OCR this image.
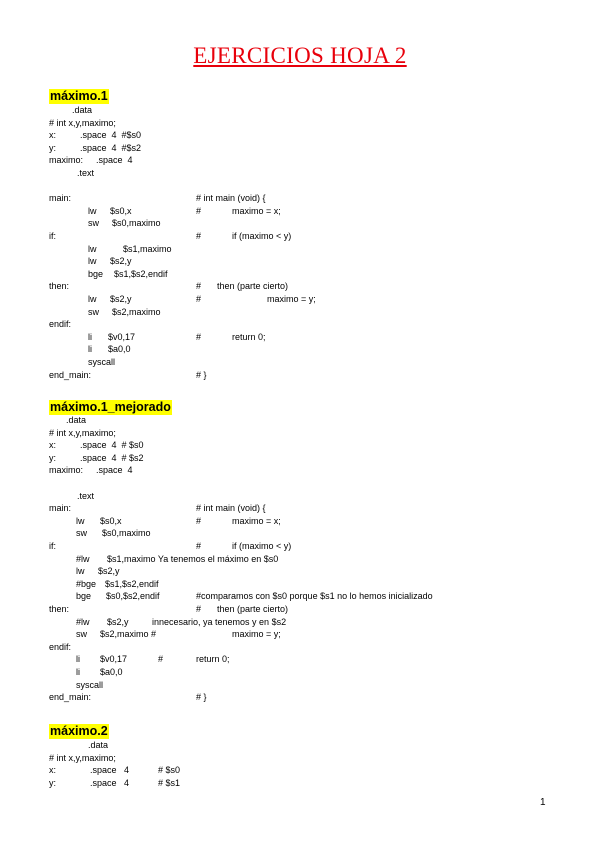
EJERCICIOS HOJA 2
máximo.1
.data
# int x,y,maximo;
x:	.space  4  #$s0
y:	.space  4  #$s2
maximo: .space  4
.text
main:	# int main (void) {
lw $s0,x	#	maximo = x;
sw $s0,maximo
if:	#	if (maximo < y)
lw	$s1,maximo
lw $s2,y
bge $s1,$s2,endif
then:	# then (parte cierto)
lw $s2,y	#	maximo = y;
sw $s2,maximo
endif:
li $v0,17	#	return 0;
li $a0,0
syscall
end_main:	# }
máximo.1_mejorado
.data
# int x,y,maximo;
x:	.space  4  # $s0
y:	.space  4  # $s2
maximo: .space  4
.text
main:	# int main (void) {
lw $s0,x	#	maximo = x;
sw $s0,maximo
if:	#	if (maximo < y)
#lw $s1,maximo Ya tenemos el máximo en $s0
lw $s2,y
#bge $s1,$s2,endif
bge $s0,$s2,endif	#comparamos con $s0 porque $s1 no lo hemos inicializado
then:	# then (parte cierto)
#lw $s2,y	innecesario, ya tenemos y en $s2
sw $s2,maximo #	maximo = y;
endif:
li $v0,17	#	return 0;
li $a0,0
syscall
end_main:	# }
máximo.2
.data
# int x,y,maximo;
x:	.space 4	# $s0
y:	.space 4	# $s1
1
